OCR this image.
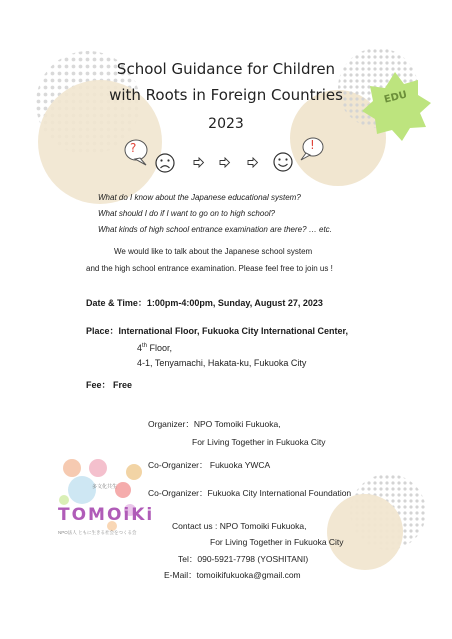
EDU
School Guidance for Children
with Roots in Foreign Countries
2023
?	!
What do I know about the Japanese educational system?
What should I do if I want to go on to high school?
What kinds of high school entrance examination are there? … etc.
We would like to talk about the Japanese school system
and the high school entrance examination. Please feel free to join us !
Date & Time：1:00pm-4:00pm, Sunday, August 27, 2023
Place：International Floor, Fukuoka City International Center,
4th Floor,
4-1, Tenyamachi, Hakata-ku, Fukuoka City
Fee： Free
Organizer：NPO Tomoiki Fukuoka,
For Living Together in Fukuoka City
Co-Organizer： Fukuoka YWCA
Co-Organizer：Fukuoka City International Foundation
多文化共生
TOMOiKi
NPO法人 ともに生きる社会をつくる会
Contact us : NPO Tomoiki Fukuoka,
For Living Together in Fukuoka City
Tel：090-5921-7798 (YOSHITANI)
E-Mail：tomoikifukuoka@gmail.com
